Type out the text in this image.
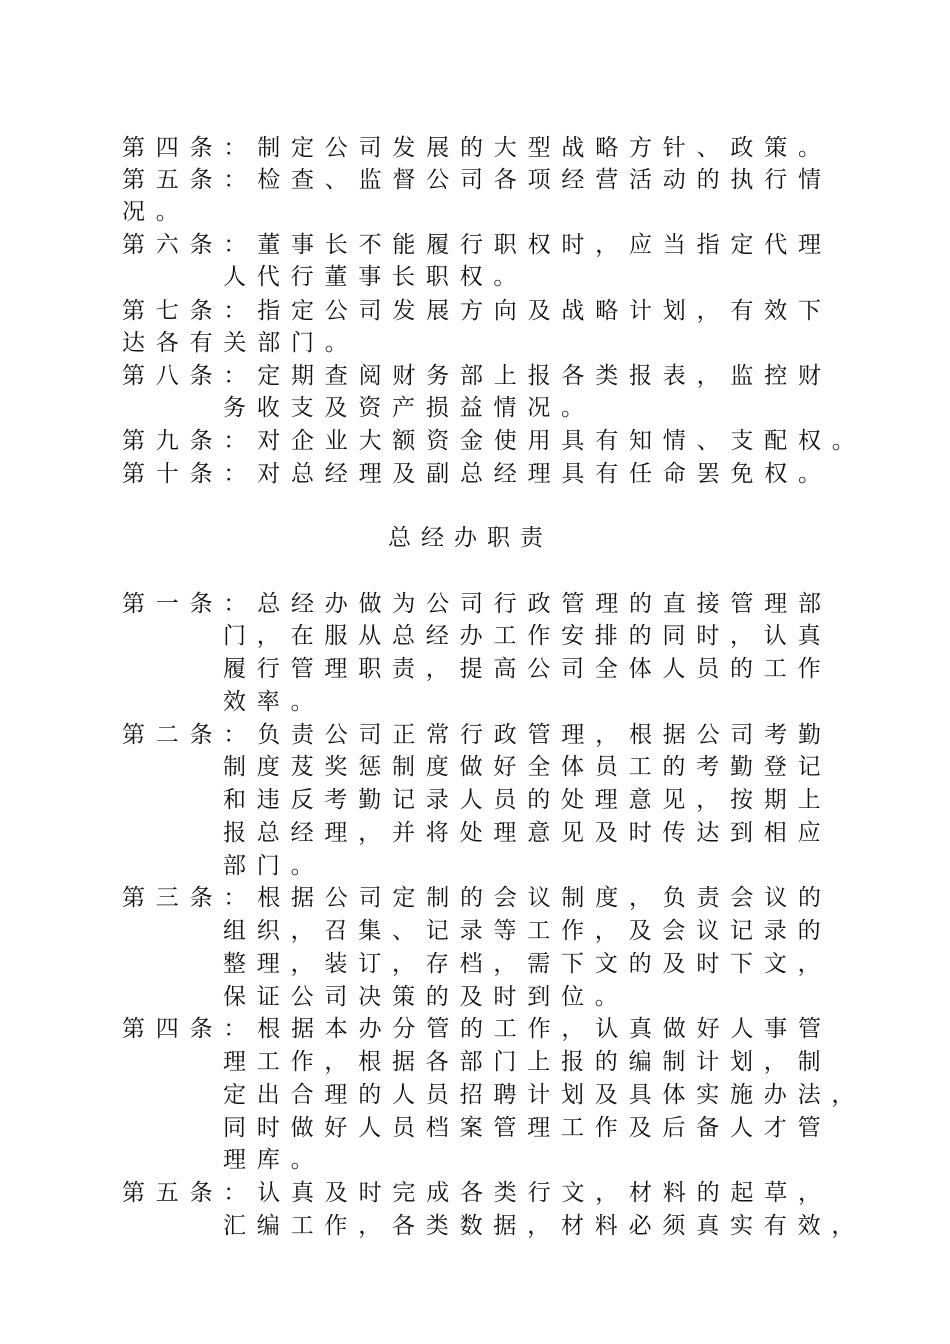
第四条：制定公司发展的大型战略方针、政策。
第五条：检查、监督公司各项经营活动的执行情
况。
第六条：董事长不能履行职权时，应当指定代理
人代行董事长职权。
第七条：指定公司发展方向及战略计划，有效下
达各有关部门。
第八条：定期查阅财务部上报各类报表，监控财
务收支及资产损益情况。
第九条：对企业大额资金使用具有知情、支配权。
第十条：对总经理及副总经理具有任命罢免权。
总经办职责
第一条：总经办做为公司行政管理的直接管理部
门，在服从总经办工作安排的同时，认真
履行管理职责，提高公司全体人员的工作
效率。
第二条：负责公司正常行政管理，根据公司考勤
制度芨奖惩制度做好全体员工的考勤登记
和违反考勤记录人员的处理意见，按期上
报总经理，并将处理意见及时传达到相应
部门。
第三条：根据公司定制的会议制度，负责会议的
组织，召集、记录等工作，及会议记录的
整理，装订，存档，需下文的及时下文，
保证公司决策的及时到位。
第四条：根据本办分管的工作，认真做好人事管
理工作，根据各部门上报的编制计划，制
定出合理的人员招聘计划及具体实施办法，
同时做好人员档案管理工作及后备人才管
理库。
第五条：认真及时完成各类行文，材料的起草，
汇编工作，各类数据，材料必须真实有效，
